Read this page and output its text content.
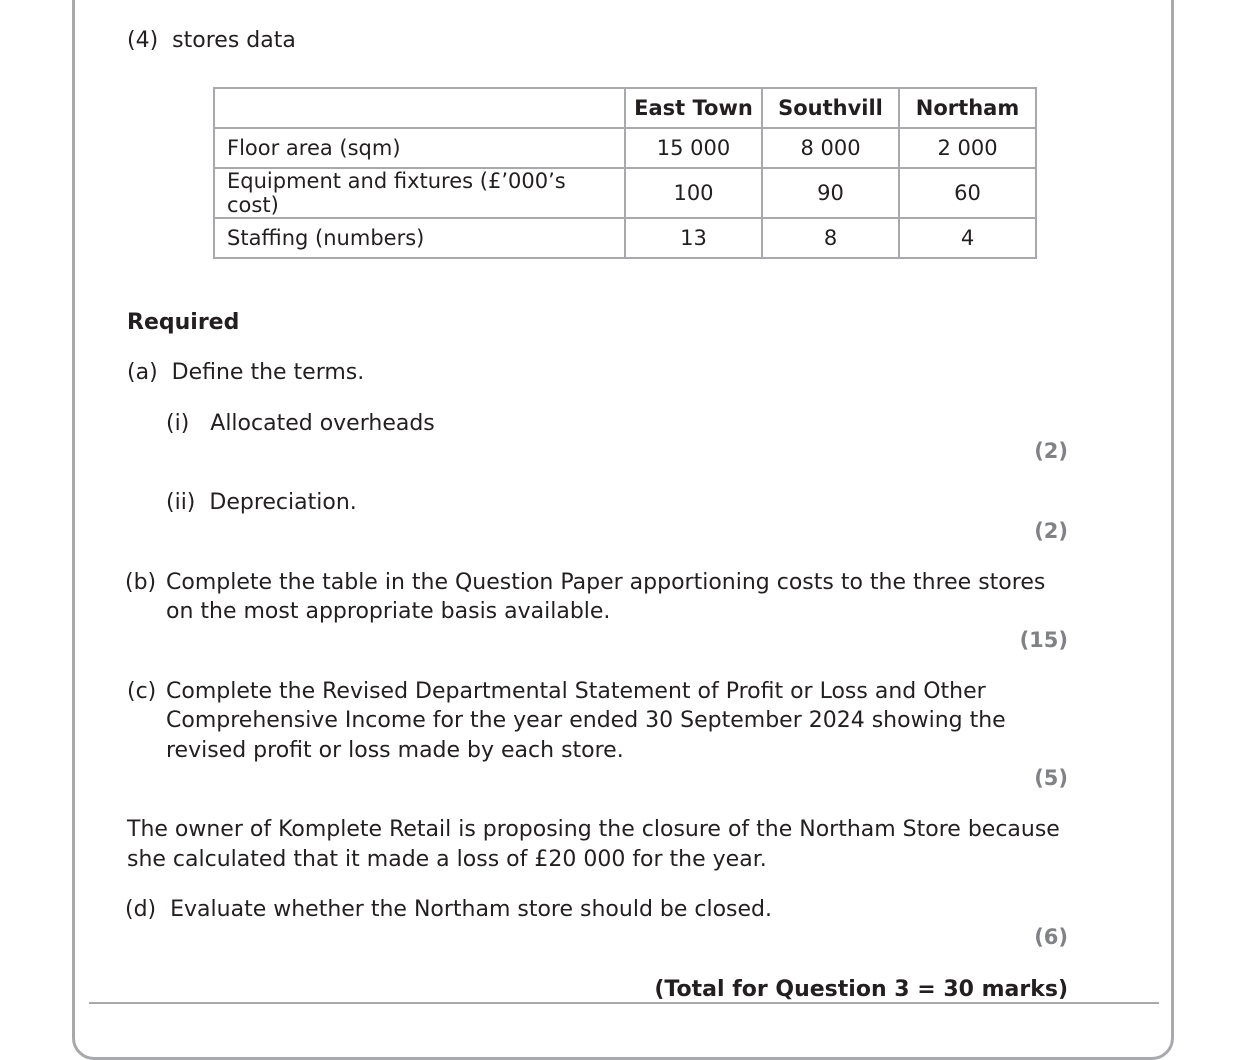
(4) stores data
	East Town	Southvill	Northam
Floor area (sqm)	15 000	8 000	2 000
Equipment and fixtures (£’000’s cost)	100	90	60
Staffing (numbers)	13	8	4
Required
(a) Define the terms.
(i) Allocated overheads
(2)
(ii) Depreciation.
(2)
(b) Complete the table in the Question Paper apportioning costs to the three stores
on the most appropriate basis available.
(15)
(c) Complete the Revised Departmental Statement of Profit or Loss and Other
Comprehensive Income for the year ended 30 September 2024 showing the
revised profit or loss made by each store.
(5)
The owner of Komplete Retail is proposing the closure of the Northam Store because
she calculated that it made a loss of £20 000 for the year.
(d) Evaluate whether the Northam store should be closed.
(6)
(Total for Question 3 = 30 marks)
